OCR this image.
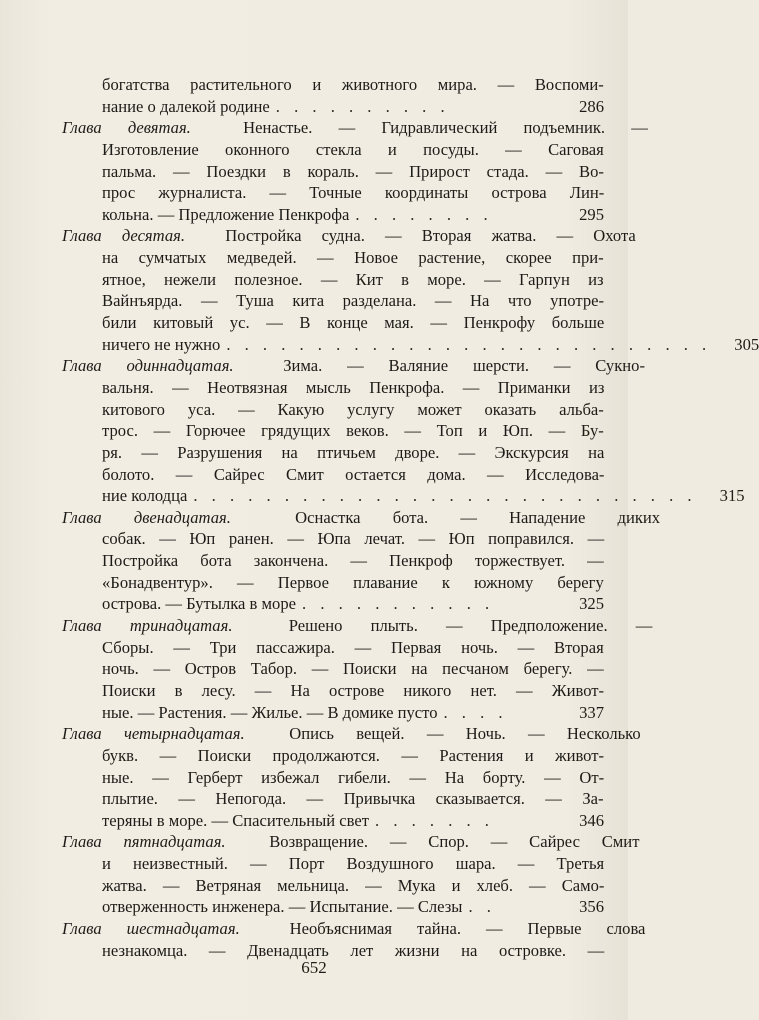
богатства растительного и животного мира. — Воспоми-
нание о далекой родине . . . . . . . . . .	286
Глава девятая.	Ненастье. — Гидравлический подъемник. —
Изготовление оконного стекла и посуды. — Саговая
пальма. — Поездки в кораль. — Прирост стада. — Во-
прос журналиста. — Точные координаты острова Лин-
кольна. — Предложение Пенкрофа . . . . . . . .	295
Глава десятая. Постройка судна. — Вторая жатва. — Охота
на сумчатых медведей. — Новое растение, скорее при-
ятное, нежели полезное. — Кит в море. — Гарпун из
Вайнъярда. — Туша кита разделана. — На что употре-
били китовый ус. — В конце мая. — Пенкрофу больше
ничего не нужно . . . . . . . . . . . . . . . . . . . . . . . . . . .	305
Глава одиннадцатая.	Зима. — Валяние шерсти. — Сукно-
вальня. — Неотвязная мысль Пенкрофа. — Приманки из
китового уса. — Какую услугу может оказать альба-
трос. — Горючее грядущих веков. — Топ и Юп. — Бу-
ря. — Разрушения на птичьем дворе. — Экскурсия на
болото. — Сайрес Смит остается дома. — Исследова-
ние колодца . . . . . . . . . . . . . . . . . . . . . . . . . . . .	315
Глава двенадцатая.	Оснастка бота. — Нападение диких
собак. — Юп ранен. — Юпа лечат. — Юп поправился. —
Постройка бота закончена. — Пенкроф торжествует. —
«Бонадвентур». — Первое плавание к южному берегу
острова. — Бутылка в море . . . . . . . . . . .	325
Глава тринадцатая.	Решено плыть. — Предположение. —
Сборы. — Три пассажира. — Первая ночь. — Вторая
ночь. — Остров Табор. — Поиски на песчаном берегу. —
Поиски в лесу. — На острове никого нет. — Живот-
ные. — Растения. — Жилье. — В домике пусто . . . .	337
Глава четырнадцатая.	Опись вещей. — Ночь. — Несколько
букв. — Поиски продолжаются. — Растения и живот-
ные. — Герберт избежал гибели. — На борту. — От-
плытие. — Непогода. — Привычка сказывается. — За-
теряны в море. — Спасительный свет . . . . . . .	346
Глава пятнадцатая.	Возвращение. — Спор. — Сайрес Смит
и неизвестный. — Порт Воздушного шара. — Третья
жатва. — Ветряная мельница. — Мука и хлеб. — Само-
отверженность инженера. — Испытание. — Слезы . .	356
Глава шестнадцатая.	Необъяснимая тайна. — Первые слова
незнакомца. — Двенадцать лет жизни на островке. —
652
